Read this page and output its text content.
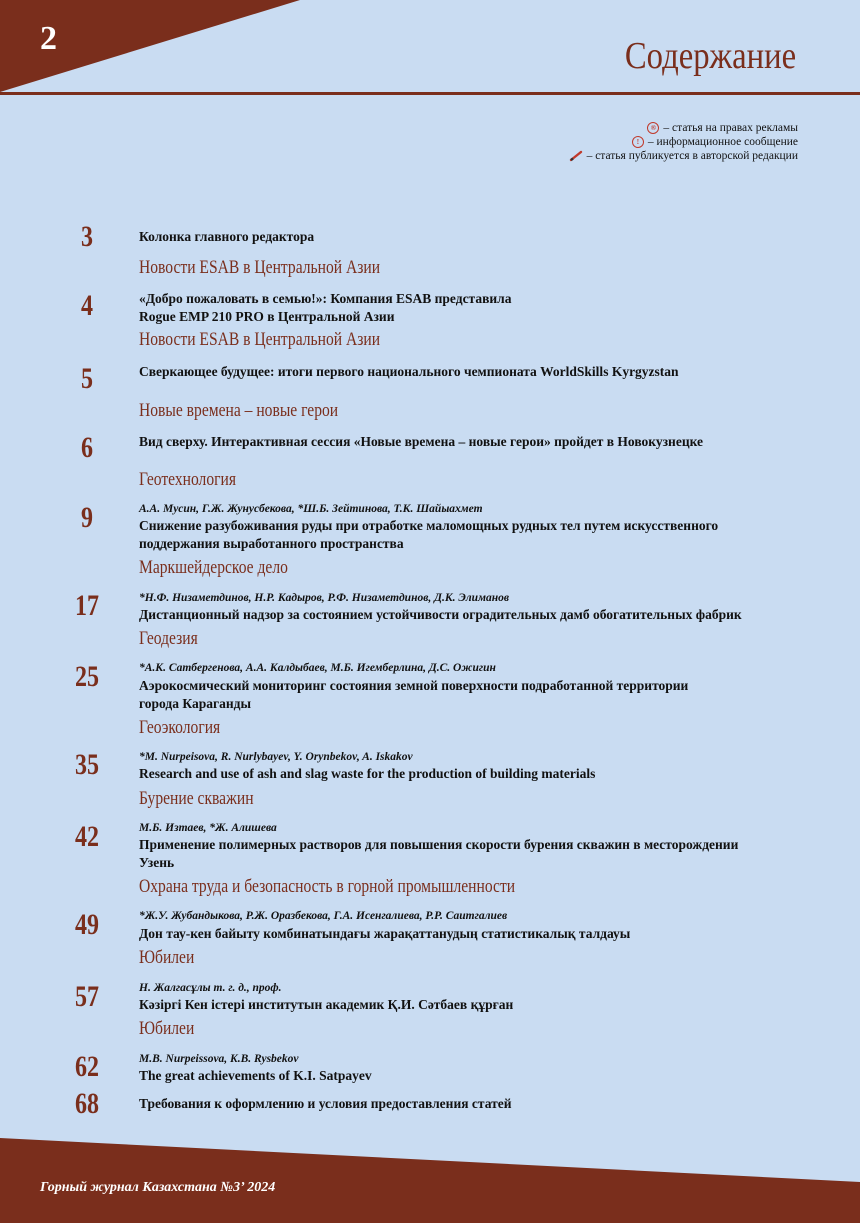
2	Содержание
® – статья на правах рекламы
! – информационное сообщение
– статья публикуется в авторской редакции
3	Колонка главного редактора
Новости ESAB в Центральной Азии
4	«Добро пожаловать в семью!»: Компания ESAB представила
Rogue EMP 210 PRO в Центральной Азии
Новости ESAB в Центральной Азии
5	Сверкающее будущее: итоги первого национального чемпионата WorldSkills Kyrgyzstan
Новые времена – новые герои
6	Вид сверху. Интерактивная сессия «Новые времена – новые герои» пройдет в Новокузнецке
Геотехнология
9	А.А. Мусин, Г.Ж. Жунусбекова, *Ш.Б. Зейтинова, Т.К. Шайыахмет
Снижение разубоживания руды при отработке маломощных рудных тел путем искусственного
поддержания выработанного пространства
Маркшейдерское дело
17	*Н.Ф. Низаметдинов, Н.Р. Кадыров, Р.Ф. Низаметдинов, Д.К. Элиманов
Дистанционный надзор за состоянием устойчивости оградительных дамб обогатительных фабрик
Геодезия
25	*А.К. Сатбергенова, А.А. Калдыбаев, М.Б. Игемберлина, Д.С. Ожигин
Аэрокосмический мониторинг состояния земной поверхности подработанной территории
города Караганды
Геоэкология
35	*M. Nurpeisova, R. Nurlybayev, Y. Orynbekov, A. Iskakov
Research and use of ash and slag waste for the production of building materials
Бурение скважин
42	М.Б. Изтаев, *Ж. Алишева
Применение полимерных растворов для повышения скорости бурения скважин в месторождении
Узень
Охрана труда и безопасность в горной промышленности
49	*Ж.У. Жубандыкова, Р.Ж. Оразбекова, Г.А. Исенгалиева, Р.Р. Саитгалиев
Дон тау-кен байыту комбинатындағы жарақаттанудың статистикалық талдауы
Юбилеи
57	Н. Жалгасұлы т. г. д., проф.
Кәзіргі Кен істері институтын академик Қ.И. Сәтбаев құрған
Юбилеи
62	M.B. Nurpeissova, K.B. Rysbekov
The great achievements of K.I. Satpayev
68	Требования к оформлению и условия предоставления статей
Горный журнал Казахстана №3’ 2024
